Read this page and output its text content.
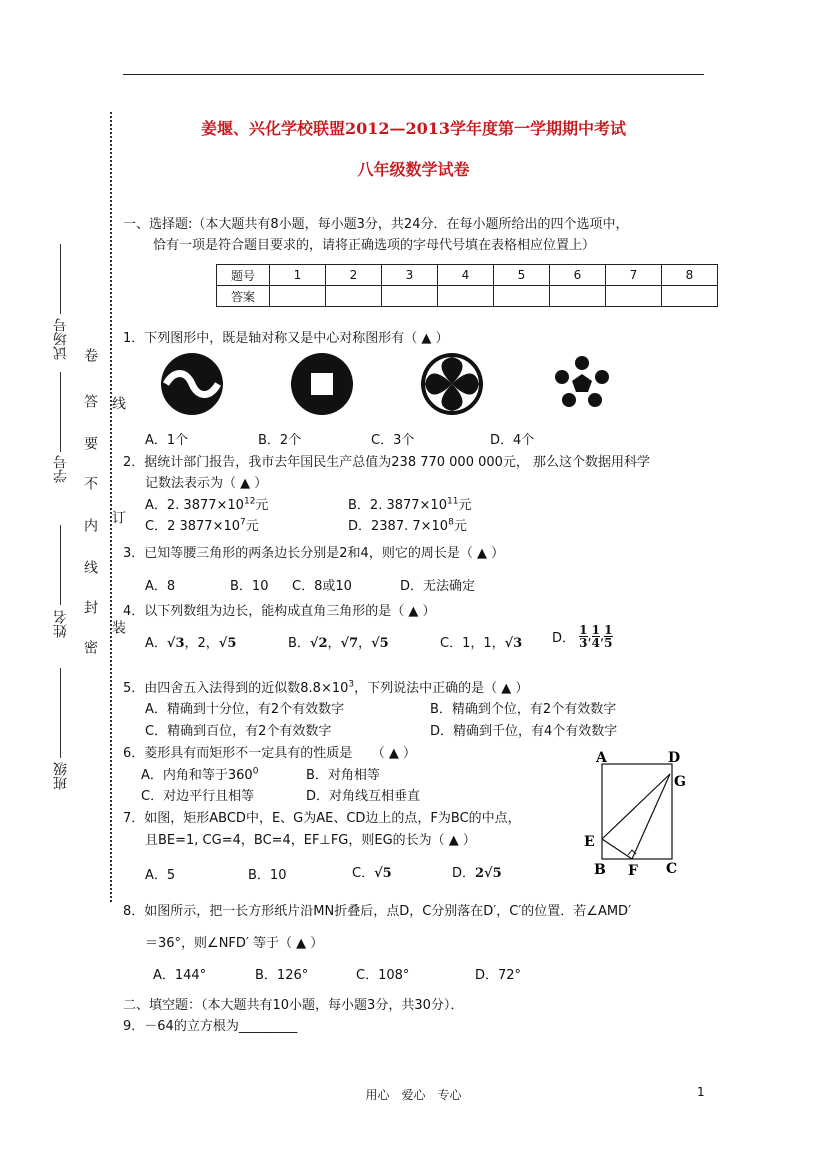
姜堰、兴化学校联盟2012—2013学年度第一学期期中考试
八年级数学试卷
试场号
学号
姓名
班级
卷
答
要
不
内
线
封
密
线
订
装
一、选择题:（本大题共有8小题，每小题3分，共24分．在每小题所给出的四个选项中，
恰有一项是符合题目要求的，请将正确选项的字母代号填在表格相应位置上）
题号	1	2	3	4	5	6	7	8
答案								
1．下列图形中，既是轴对称又是中心对称图形有（ ▲ ）
A．1个	B．2个	C．3个	D．4个
2．据统计部门报告，我市去年国民生产总值为238 770 000 000元， 那么这个数据用科学
记数法表示为（ ▲ ）
A．2. $3877\times 10^{12}$元	B．2. $3877\times 10^{11}$元
C．2 $3877\times 10^7$元	D．2387. $7\times 10^8$元
3．已知等腰三角形的两条边长分别是2和4，则它的周长是（ ▲ ）
A．8	B．10 C．8或10	D．无法确定
4．以下列数组为边长，能构成直角三角形的是（ ▲ ）
A．√3，2，√5	B．√2，√7，√5	C．1，1，√3 D． $\frac{1}{3}$ , $\frac{1}{4}$ , $\frac{1}{5}$
5．由四舍五入法得到的近似数$8.8\times 10^3$，下列说法中正确的是（ ▲ ）
A．精确到十分位，有2个有效数字	B．精确到个位，有2个有效数字
C．精确到百位，有2个有效数字	D．精确到千位，有4个有效数字
6．菱形具有而矩形不一定具有的性质是　　（ ▲ ）
A．内角和等于$360^0$	B．对角相等
C．对边平行且相等	D．对角线互相垂直
A	D
G
E
B F C
7．如图，矩形ABCD中，E、G为AE、CD边上的点，F为BC的中点，
且BE=1, CG=4，BC=4，EF⊥FG，则EG的长为（ ▲ ）
A．5	B．10	C．√5	D．2√5
8．如图所示，把一长方形纸片沿MN折叠后，点D，C分别落在D′，C′的位置．若∠AMD′
＝36°，则∠NFD′ 等于（ ▲ ）
A．144°	B．126°	C．108°	D．72°
二、填空题：（本大题共有10小题，每小题3分，共30分）．
9．－64的立方根为_________
用心　爱心　专心	1
